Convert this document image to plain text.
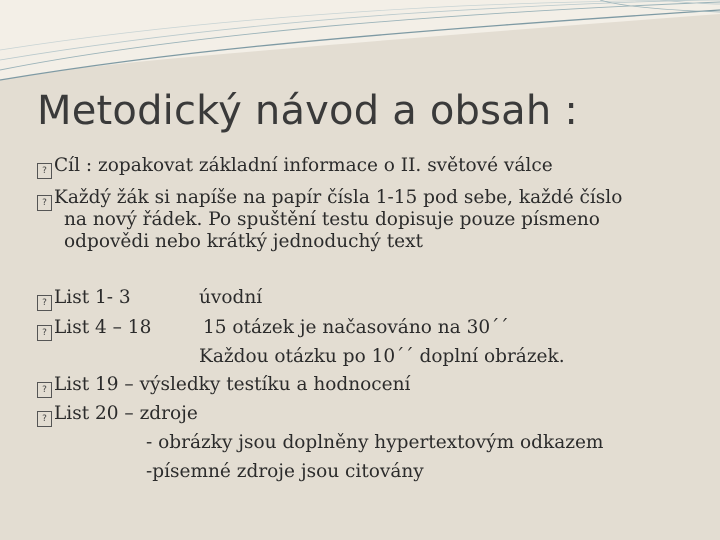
Metodický návod a obsah :
? Cíl : zopakovat základní informace o II. světové válce
? Každý žák si napíše na papír čísla 1-15 pod sebe, každé číslo
na nový řádek. Po spuštění testu dopisuje pouze písmeno
odpovědi nebo krátký jednoduchý text
? List 1- 3	úvodní
? List 4 – 18	15 otázek je načasováno na 30´´
Každou otázku po 10´´ doplní obrázek.
? List 19 – výsledky testíku a hodnocení
? List 20 – zdroje
- obrázky jsou doplněny hypertextovým odkazem
-písemné zdroje jsou citovány
